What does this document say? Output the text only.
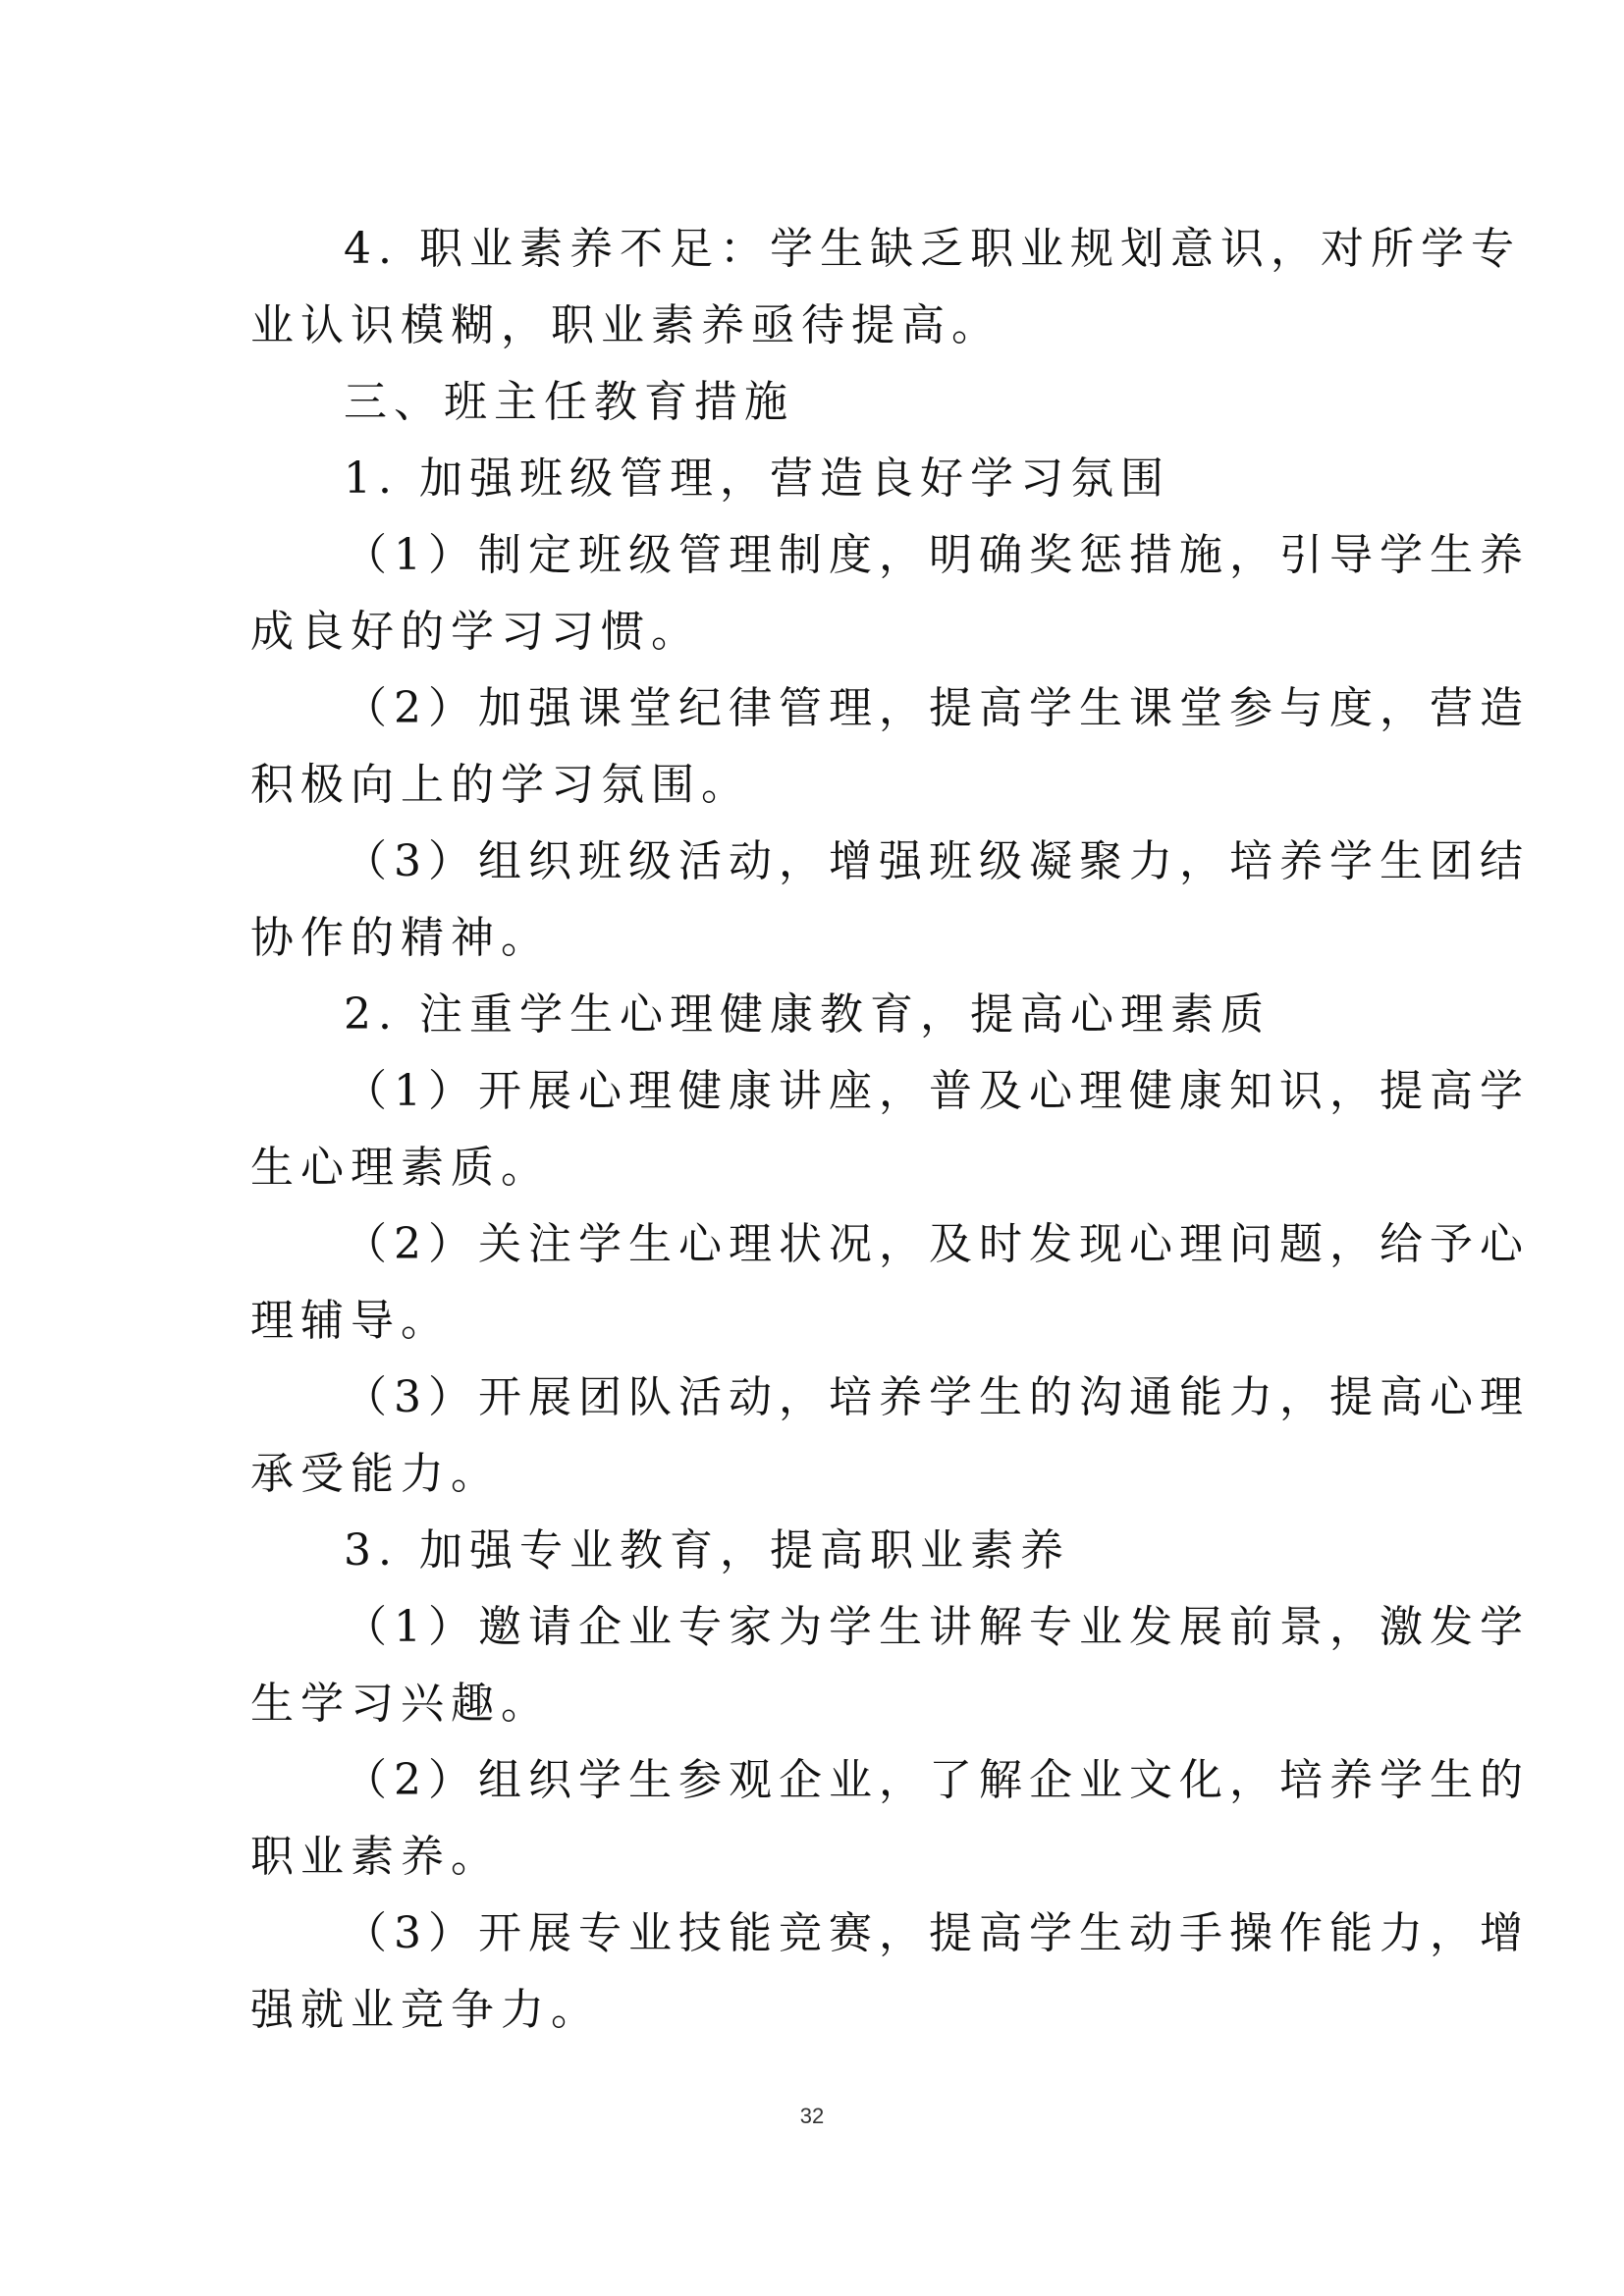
4. 职业素养不足：学生缺乏职业规划意识，对所学专
业认识模糊，职业素养亟待提高。
三、班主任教育措施
1. 加强班级管理，营造良好学习氛围
（1）制定班级管理制度，明确奖惩措施，引导学生养
成良好的学习习惯。
（2）加强课堂纪律管理，提高学生课堂参与度，营造
积极向上的学习氛围。
（3）组织班级活动，增强班级凝聚力，培养学生团结
协作的精神。
2. 注重学生心理健康教育，提高心理素质
（1）开展心理健康讲座，普及心理健康知识，提高学
生心理素质。
（2）关注学生心理状况，及时发现心理问题，给予心
理辅导。
（3）开展团队活动，培养学生的沟通能力，提高心理
承受能力。
3. 加强专业教育，提高职业素养
（1）邀请企业专家为学生讲解专业发展前景，激发学
生学习兴趣。
（2）组织学生参观企业，了解企业文化，培养学生的
职业素养。
（3）开展专业技能竞赛，提高学生动手操作能力，增
强就业竞争力。
32
